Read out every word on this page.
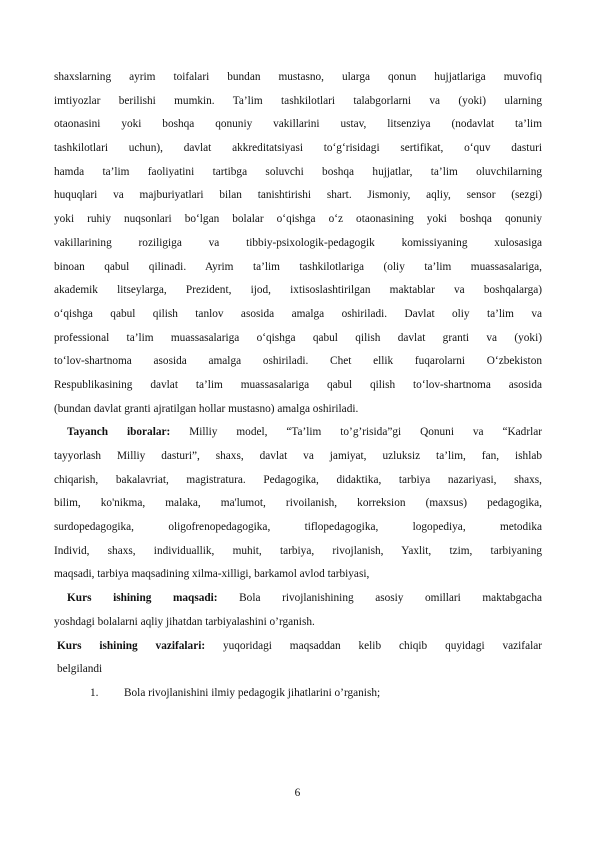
shaxslarning ayrim toifalari bundan mustasno, ularga qonun hujjatlariga muvofiq
imtiyozlar berilishi mumkin. Ta’lim tashkilotlari talabgorlarni va (yoki) ularning
otaonasini yoki boshqa qonuniy vakillarini ustav, litsenziya (nodavlat ta’lim
tashkilotlari uchun), davlat akkreditatsiyasi to‘g‘risidagi sertifikat, o‘quv dasturi
hamda ta’lim faoliyatini tartibga soluvchi boshqa hujjatlar, ta’lim oluvchilarning
huquqlari va majburiyatlari bilan tanishtirishi shart. Jismoniy, aqliy, sensor (sezgi)
yoki ruhiy nuqsonlari bo‘lgan bolalar o‘qishga o‘z otaonasining yoki boshqa qonuniy
vakillarining roziligiga va tibbiy-psixologik-pedagogik komissiyaning xulosasiga
binoan qabul qilinadi. Ayrim ta’lim tashkilotlariga (oliy ta’lim muassasalariga,
akademik litseylarga, Prezident, ijod, ixtisoslashtirilgan maktablar va boshqalarga)
o‘qishga qabul qilish tanlov asosida amalga oshiriladi. Davlat oliy ta’lim va
professional ta’lim muassasalariga o‘qishga qabul qilish davlat granti va (yoki)
to‘lov-shartnoma asosida amalga oshiriladi. Chet ellik fuqarolarni O‘zbekiston
Respublikasining davlat ta’lim muassasalariga qabul qilish to‘lov-shartnoma asosida
(bundan davlat granti ajratilgan hollar mustasno) amalga oshiriladi.
Tayanch iboralar: Milliy model, “Ta’lim to’g’risida”gi Qonuni va “Kadrlar
tayyorlash Milliy dasturi”, shaxs, davlat va jamiyat, uzluksiz ta’lim, fan, ishlab
chiqarish, bakalavriat, magistratura. Pedagogika, didaktika, tarbiya nazariyasi, shaxs,
bilim, ko'nikma, malaka, ma'lumot, rivoilanish, korreksion (maxsus) pedagogika,
surdopedagogika, oligofrenopedagogika, tiflopedagogika, logopediya, metodika
Individ, shaxs, individuallik, muhit, tarbiya, rivojlanish, Yaxlit, tzim, tarbiyaning
maqsadi, tarbiya maqsadining xilma-xilligi, barkamol avlod tarbiyasi,
Kurs ishining maqsadi: Bola rivojlanishining asosiy omillari maktabgacha
yoshdagi bolalarni aqliy jihatdan tarbiyalashini o’rganish.
Kurs ishining vazifalari: yuqoridagi maqsaddan kelib chiqib quyidagi vazifalar
belgilandi
1.	Bola rivojlanishini ilmiy pedagogik jihatlarini o’rganish;
6
